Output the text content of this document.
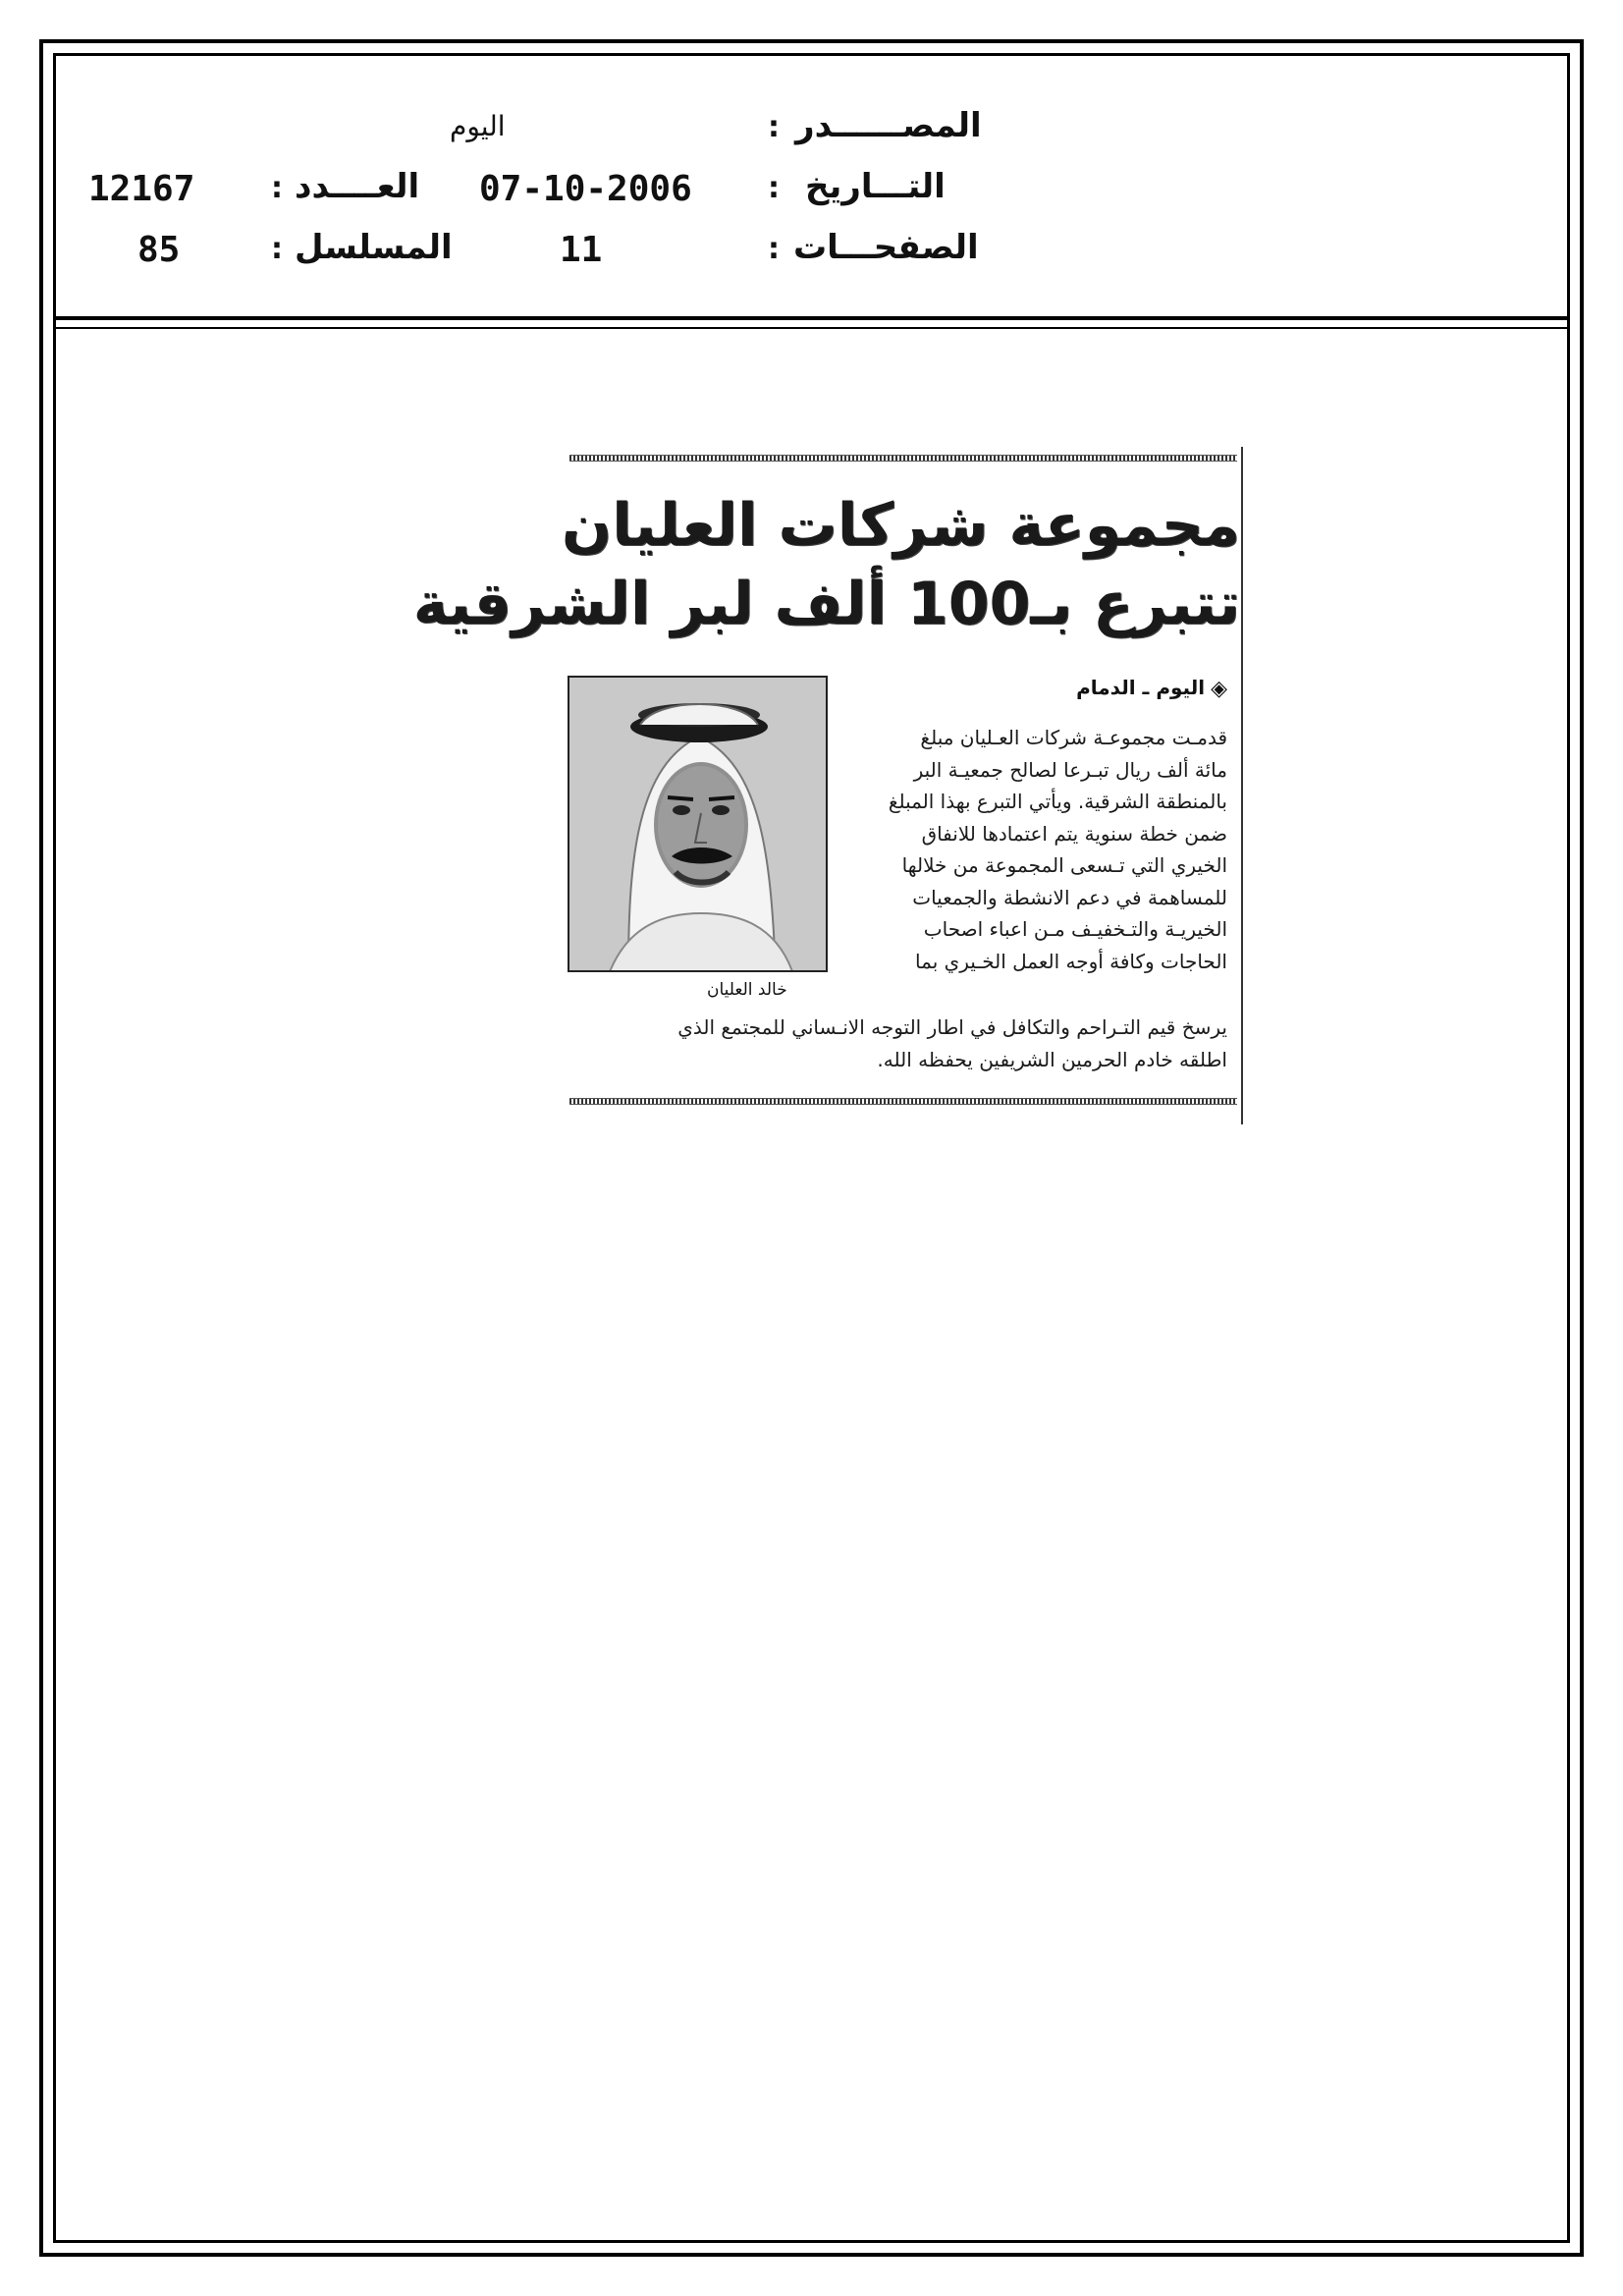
المصــــــدر
:
اليوم
التـــاريخ
:
07-10-2006
العــــدد
:
12167
الصفحـــات
:
11
المسلسل
:
85
مجموعة شركات العليان
تتبرع بـ100 ألف لبر الشرقية
◈اليوم ـ الدمام
خالد العليان
قدمـت مجموعـة شركات العـليان مبلغ
مائة ألف ريال تبـرعا لصالح جمعيـة البر
بالمنطقة الشرقية. ويأتي التبرع بهذا المبلغ
ضمن خطة سنوية يتم اعتمادها للانفاق
الخيري التي تـسعى المجموعة من خلالها
للمساهمة في دعم الانشطة والجمعيات
الخيريـة والتـخفيـف مـن اعباء اصحاب
الحاجات وكافة أوجه العمل الخـيري بما
يرسخ قيم التـراحم والتكافل في اطار التوجه الانـساني للمجتمع الذي
اطلقه خادم الحرمين الشريفين يحفظه الله.
